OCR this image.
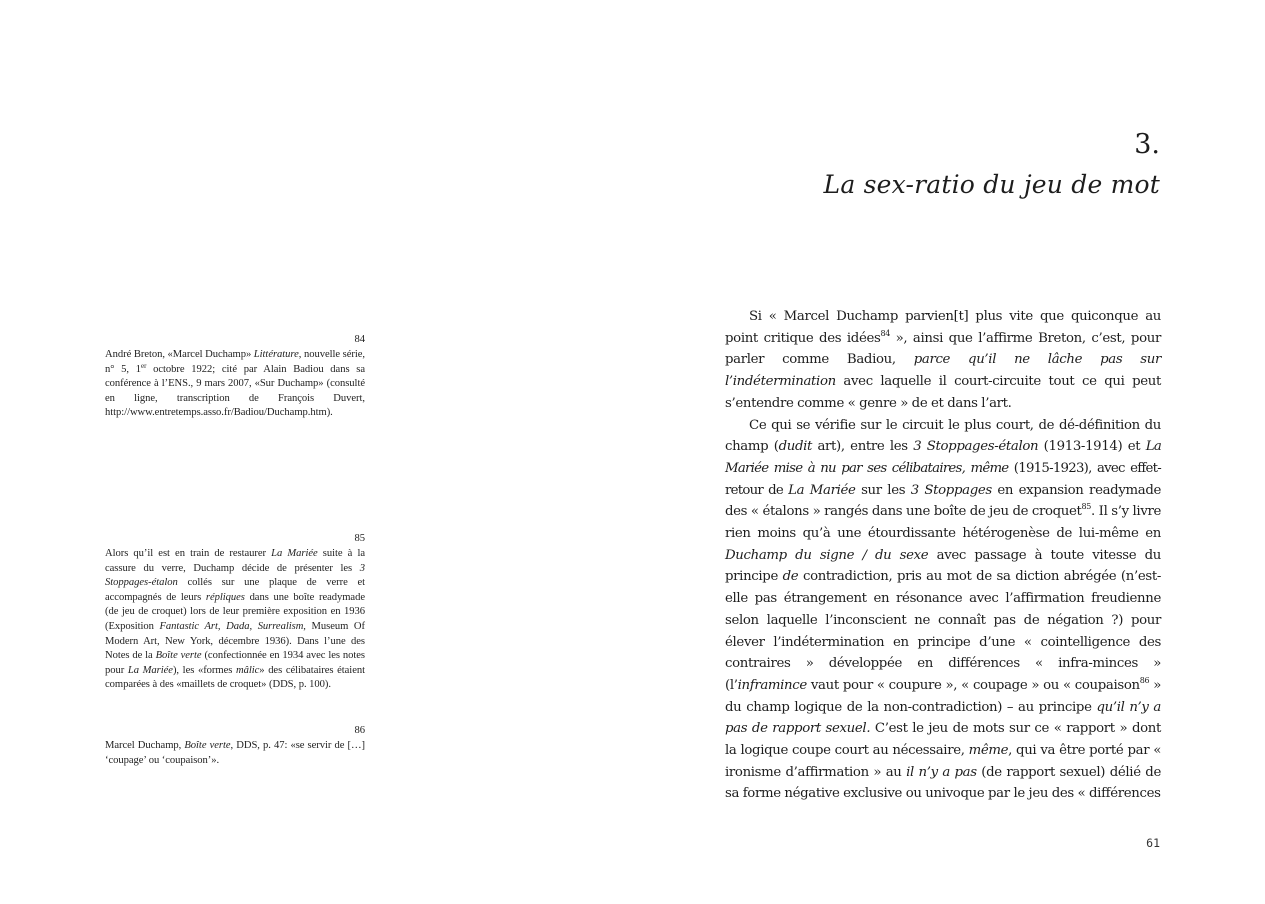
84
André Breton, «Marcel Duchamp» Littérature, nouvelle série, n° 5, 1er octobre 1922; cité par Alain Badiou dans sa conférence à l’ENS., 9 mars 2007, «Sur Duchamp» (consulté en ligne, transcription de François Duvert, http://www.entretemps.asso.fr/Badiou/Duchamp.htm).
85
Alors qu’il est en train de restaurer La Mariée suite à la cassure du verre, Duchamp décide de présenter les 3 Stoppages-étalon collés sur une plaque de verre et accompagnés de leurs répliques dans une boîte readymade (de jeu de croquet) lors de leur première exposition en 1936 (Exposition Fantastic Art, Dada, Surrealism, Museum Of Modern Art, New York, décembre 1936). Dans l’une des Notes de la Boîte verte (confectionnée en 1934 avec les notes pour La Mariée), les «formes mâlic» des célibataires étaient comparées à des «maillets de croquet» (DDS, p. 100).
86
Marcel Duchamp, Boîte verte, DDS, p. 47: «se servir de […] ‘coupage’ ou ‘coupaison’».
3.
La sex-ratio du jeu de mot

Si « Marcel Duchamp parvien[t] plus vite que quiconque au point critique des idées$^{84}$ », ainsi que l’affirme Breton, c’est, pour parler comme Badiou, parce qu’il ne lâche pas sur l’indétermination avec laquelle il court-circuite tout ce qui peut s’entendre comme « genre » de et dans l’art.

Ce qui se vérifie sur le circuit le plus court, de dé-définition du champ (dudit art), entre les 3 Stoppages-étalon (1913-1914) et La Mariée mise à nu par ses célibataires, même (1915-1923), avec effet-retour de La Mariée sur les 3 Stoppages en expansion readymade des « étalons » rangés dans une boîte de jeu de croquet$^{85}$. Il s’y livre rien moins qu’à une étourdissante hétérogenèse de lui-même en Duchamp du signe / du sexe avec passage à toute vitesse du principe de contradiction, pris au mot de sa diction abrégée (n’est-elle pas étrangement en résonance avec l’affirmation freudienne selon laquelle l’inconscient ne connaît pas de négation ?) pour élever l’indétermination en principe d’une « cointelligence des contraires » développée en différences « infra-minces » (l’inframince vaut pour « coupure », « coupage » ou « coupaison$^{86}$ » du champ logique de la non-contradiction) – au principe qu’il n’y a pas de rapport sexuel. C’est le jeu de mots sur ce « rapport » dont la logique coupe court au nécessaire, même, qui va être porté par « ironisme d’affirmation » au il n’y a pas (de rapport sexuel) délié de sa forme négative exclusive ou univoque par le jeu des « différences

61
